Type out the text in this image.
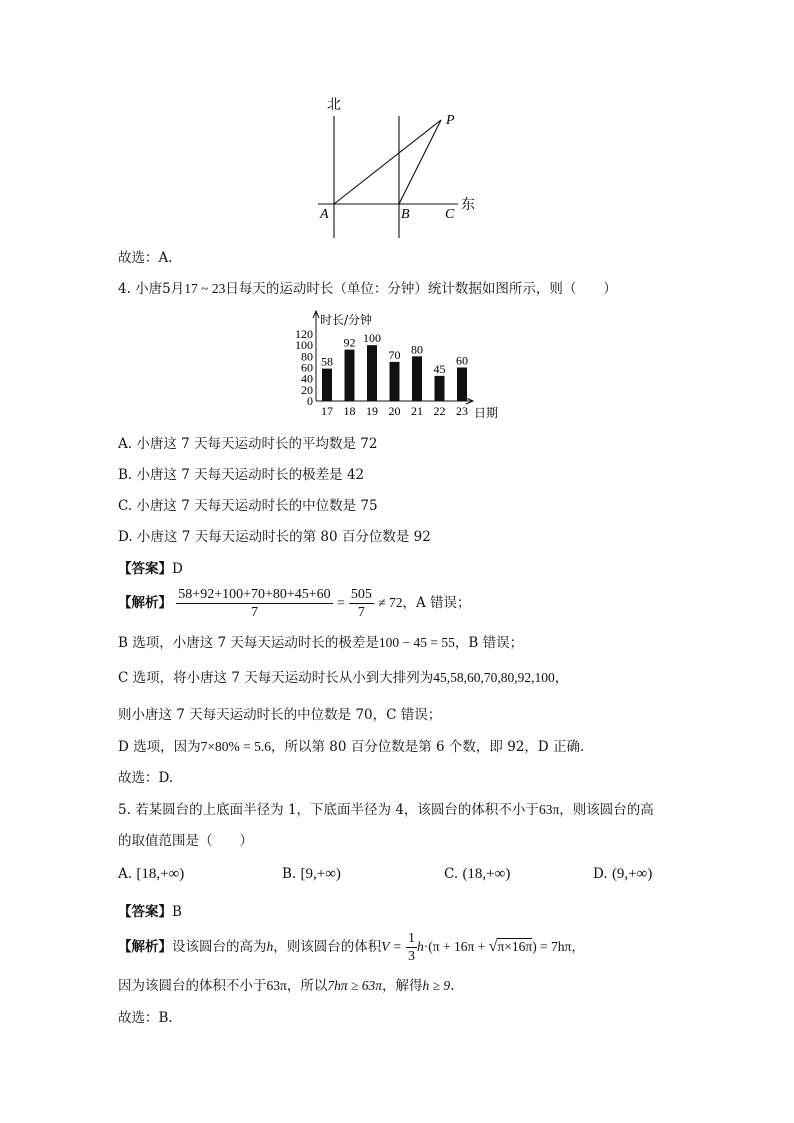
北
东
A	B	C
P
故选：A.
4. 小唐5月17 ~ 23日每天的运动时长（单位：分钟）统计数据如图所示，则（　　）
时长/分钟
日期
0
20
40
60
80
100
120
58
17
92
18
100
19
70
20
80
21
45
22
60
23
A. 小唐这 7 天每天运动时长的平均数是 72
B. 小唐这 7 天每天运动时长的极差是 42
C. 小唐这 7 天每天运动时长的中位数是 75
D. 小唐这 7 天每天运动时长的第 80 百分位数是 92
【答案】D
【解析】 $\frac{58+92+100+70+80+45+60}{7} = \frac{505}{7} \ne 72$，A 错误；
B 选项，小唐这 7 天每天运动时长的极差是100 − 45 = 55，B 错误；
C 选项，将小唐这 7 天每天运动时长从小到大排列为45,58,60,70,80,92,100，
则小唐这 7 天每天运动时长的中位数是 70，C 错误；
D 选项，因为7×80% = 5.6，所以第 80 百分位数是第 6 个数，即 92，D 正确.
故选：D.
5. 若某圆台的上底面半径为 1，下底面半径为 4，该圆台的体积不小于63π，则该圆台的高
的取值范围是（　　）
A. [18,+∞)	B. [9,+∞)	C. (18,+∞)	D. (9,+∞)
【答案】B
【解析】设该圆台的高为h，则该圆台的体积$V = \frac{1}{3} h\cdot(\pi + 16\pi + √\pi\times 16\pi) = 7h\pi$，
因为该圆台的体积不小于63π，所以7hπ ≥ 63π，解得h ≥ 9.
故选：B.
